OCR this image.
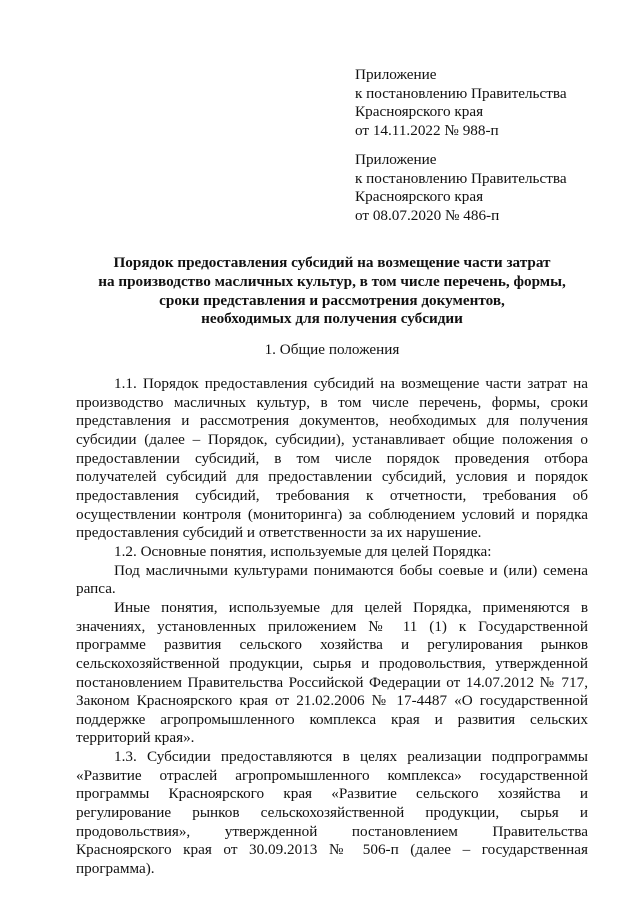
Приложение
к постановлению Правительства
Красноярского края
от 14.11.2022 № 988-п
Приложение
к постановлению Правительства
Красноярского края
от 08.07.2020 № 486-п
Порядок предоставления субсидий на возмещение части затрат
на производство масличных культур, в том числе перечень, формы,
сроки представления и рассмотрения документов,
необходимых для получения субсидии
1. Общие положения

1.1. Порядок предоставления субсидий на возмещение части затрат на производство масличных культур, в том числе перечень, формы, сроки представления и рассмотрения документов, необходимых для получения субсидии (далее – Порядок, субсидии), устанавливает общие положения о предоставлении субсидий, в том числе порядок проведения отбора получателей субсидий для предоставлении субсидий, условия и порядок предоставления субсидий, требования к отчетности, требования об осуществлении контроля (мониторинга) за соблюдением условий и порядка предоставления субсидий и ответственности за их нарушение.

1.2. Основные понятия, используемые для целей Порядка:

Под масличными культурами понимаются бобы соевые и (или) семена рапса.

Иные понятия, используемые для целей Порядка, применяются в значениях, установленных приложением № 11 (1) к Государственной программе развития сельского хозяйства и регулирования рынков сельскохозяйственной продукции, сырья и продовольствия, утвержденной постановлением Правительства Российской Федерации от 14.07.2012 № 717, Законом Красноярского края от 21.02.2006 № 17-4487 «О государственной поддержке агропромышленного комплекса края и развития сельских территорий края».

1.3. Субсидии предоставляются в целях реализации подпрограммы «Развитие отраслей агропромышленного комплекса» государственной программы Красноярского края «Развитие сельского хозяйства и регулирование рынков сельскохозяйственной продукции, сырья и продовольствия», утвержденной постановлением Правительства Красноярского края от 30.09.2013 № 506-п (далее – государственная программа).
